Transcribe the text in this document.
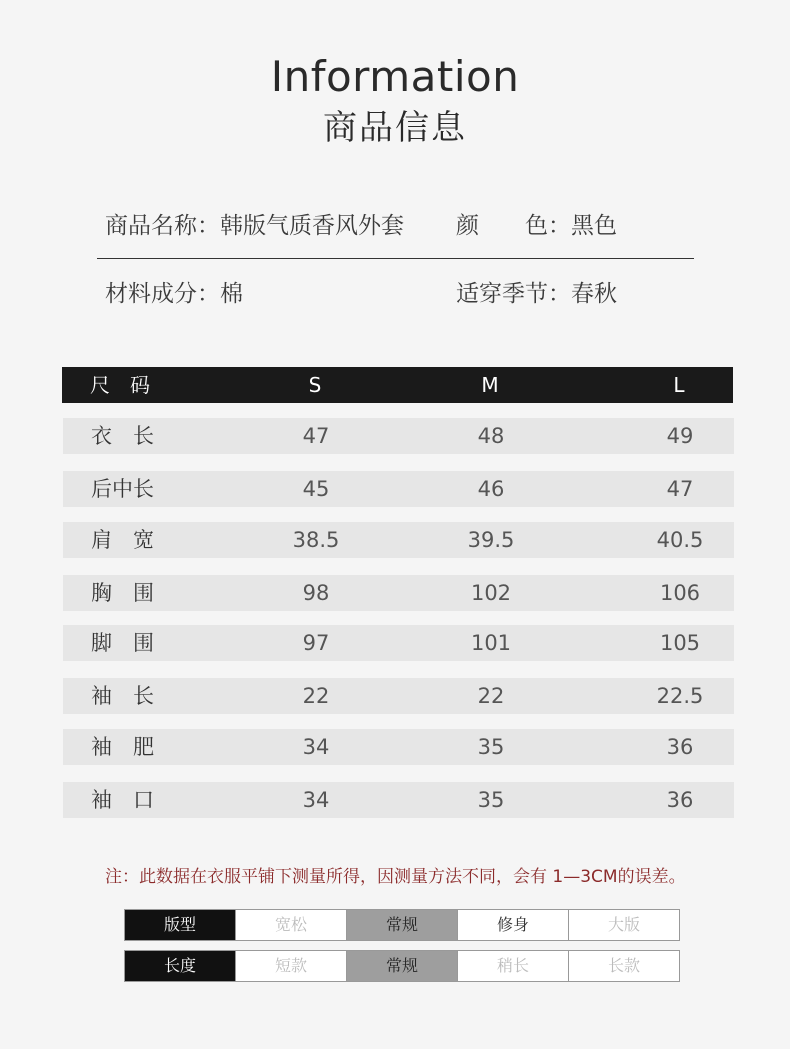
Information
商品信息
商品名称：韩版气质香风外套 颜　　色：黑色
材料成分：棉	适穿季节：春秋
尺　码	S	M	L
衣　长	47	48	49
后中长	45	46	47
肩　宽	38.5	39.5	40.5
胸　围	98	102	106
脚　围	97	101	105
袖　长	22	22	22.5
袖　肥	34	35	36
袖　口	34	35	36
注：此数据在衣服平铺下测量所得，因测量方法不同，会有 1—3CM的误差。
版型	宽松	常规	修身	大版
长度	短款	常规	稍长	长款
